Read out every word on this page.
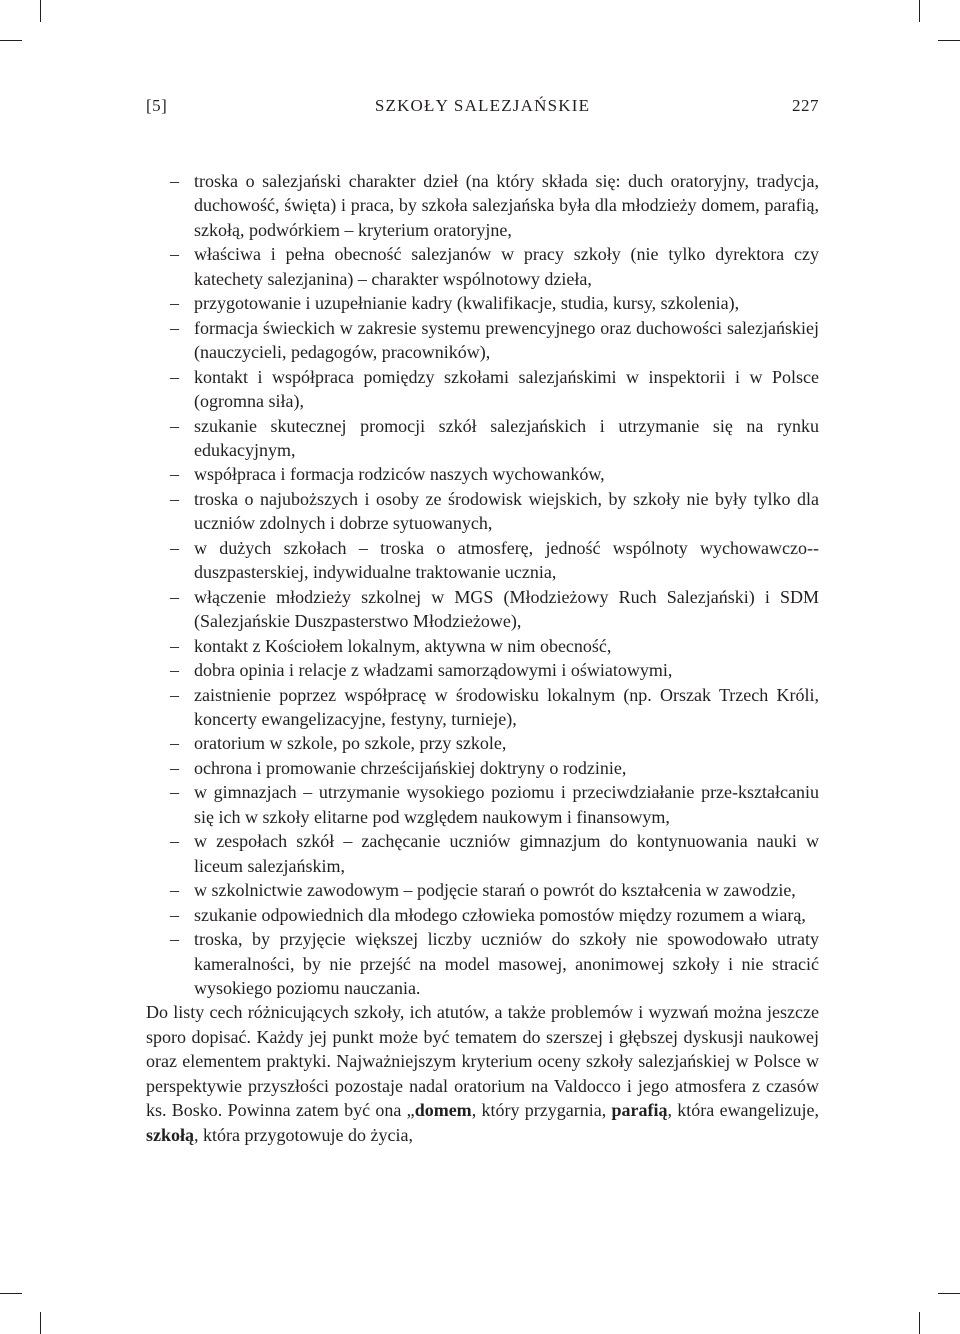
[5]	SZKOŁY SALEZJAŃSKIE	227
– troska o salezjański charakter dzieł (na który składa się: duch oratoryjny, tradycja, duchowość, święta) i praca, by szkoła salezjańska była dla młodzieży domem, parafią, szkołą, podwórkiem – kryterium oratoryjne,
– właściwa i pełna obecność salezjanów w pracy szkoły (nie tylko dyrektora czy katechety salezjanina) – charakter wspólnotowy dzieła,
– przygotowanie i uzupełnianie kadry (kwalifikacje, studia, kursy, szkolenia),
– formacja świeckich w zakresie systemu prewencyjnego oraz duchowości salezjańskiej (nauczycieli, pedagogów, pracowników),
– kontakt i współpraca pomiędzy szkołami salezjańskimi w inspektorii i w Polsce (ogromna siła),
– szukanie skutecznej promocji szkół salezjańskich i utrzymanie się na rynku edukacyjnym,
– współpraca i formacja rodziców naszych wychowanków,
– troska o najuboższych i osoby ze środowisk wiejskich, by szkoły nie były tylko dla uczniów zdolnych i dobrze sytuowanych,
– w dużych szkołach – troska o atmosferę, jedność wspólnoty wychowawczo--duszpasterskiej, indywidualne traktowanie ucznia,
– włączenie młodzieży szkolnej w MGS (Młodzieżowy Ruch Salezjański) i SDM (Salezjańskie Duszpasterstwo Młodzieżowe),
– kontakt z Kościołem lokalnym, aktywna w nim obecność,
– dobra opinia i relacje z władzami samorządowymi i oświatowymi,
– zaistnienie poprzez współpracę w środowisku lokalnym (np. Orszak Trzech Króli, koncerty ewangelizacyjne, festyny, turnieje),
– oratorium w szkole, po szkole, przy szkole,
– ochrona i promowanie chrześcijańskiej doktryny o rodzinie,
– w gimnazjach – utrzymanie wysokiego poziomu i przeciwdziałanie prze-kształcaniu się ich w szkoły elitarne pod względem naukowym i finansowym,
– w zespołach szkół – zachęcanie uczniów gimnazjum do kontynuowania nauki w liceum salezjańskim,
– w szkolnictwie zawodowym – podjęcie starań o powrót do kształcenia w zawodzie,
– szukanie odpowiednich dla młodego człowieka pomostów między rozumem a wiarą,
– troska, by przyjęcie większej liczby uczniów do szkoły nie spowodowało utraty kameralności, by nie przejść na model masowej, anonimowej szkoły i nie stracić wysokiego poziomu nauczania.

Do listy cech różnicujących szkoły, ich atutów, a także problemów i wyzwań można jeszcze sporo dopisać. Każdy jej punkt może być tematem do szerszej i głębszej dyskusji naukowej oraz elementem praktyki. Najważniejszym kryterium oceny szkoły salezjańskiej w Polsce w perspektywie przyszłości pozostaje nadal oratorium na Valdocco i jego atmosfera z czasów ks. Bosko. Powinna zatem być ona „domem, który przygarnia, parafią, która ewangelizuje, szkołą, która przygotowuje do życia,
